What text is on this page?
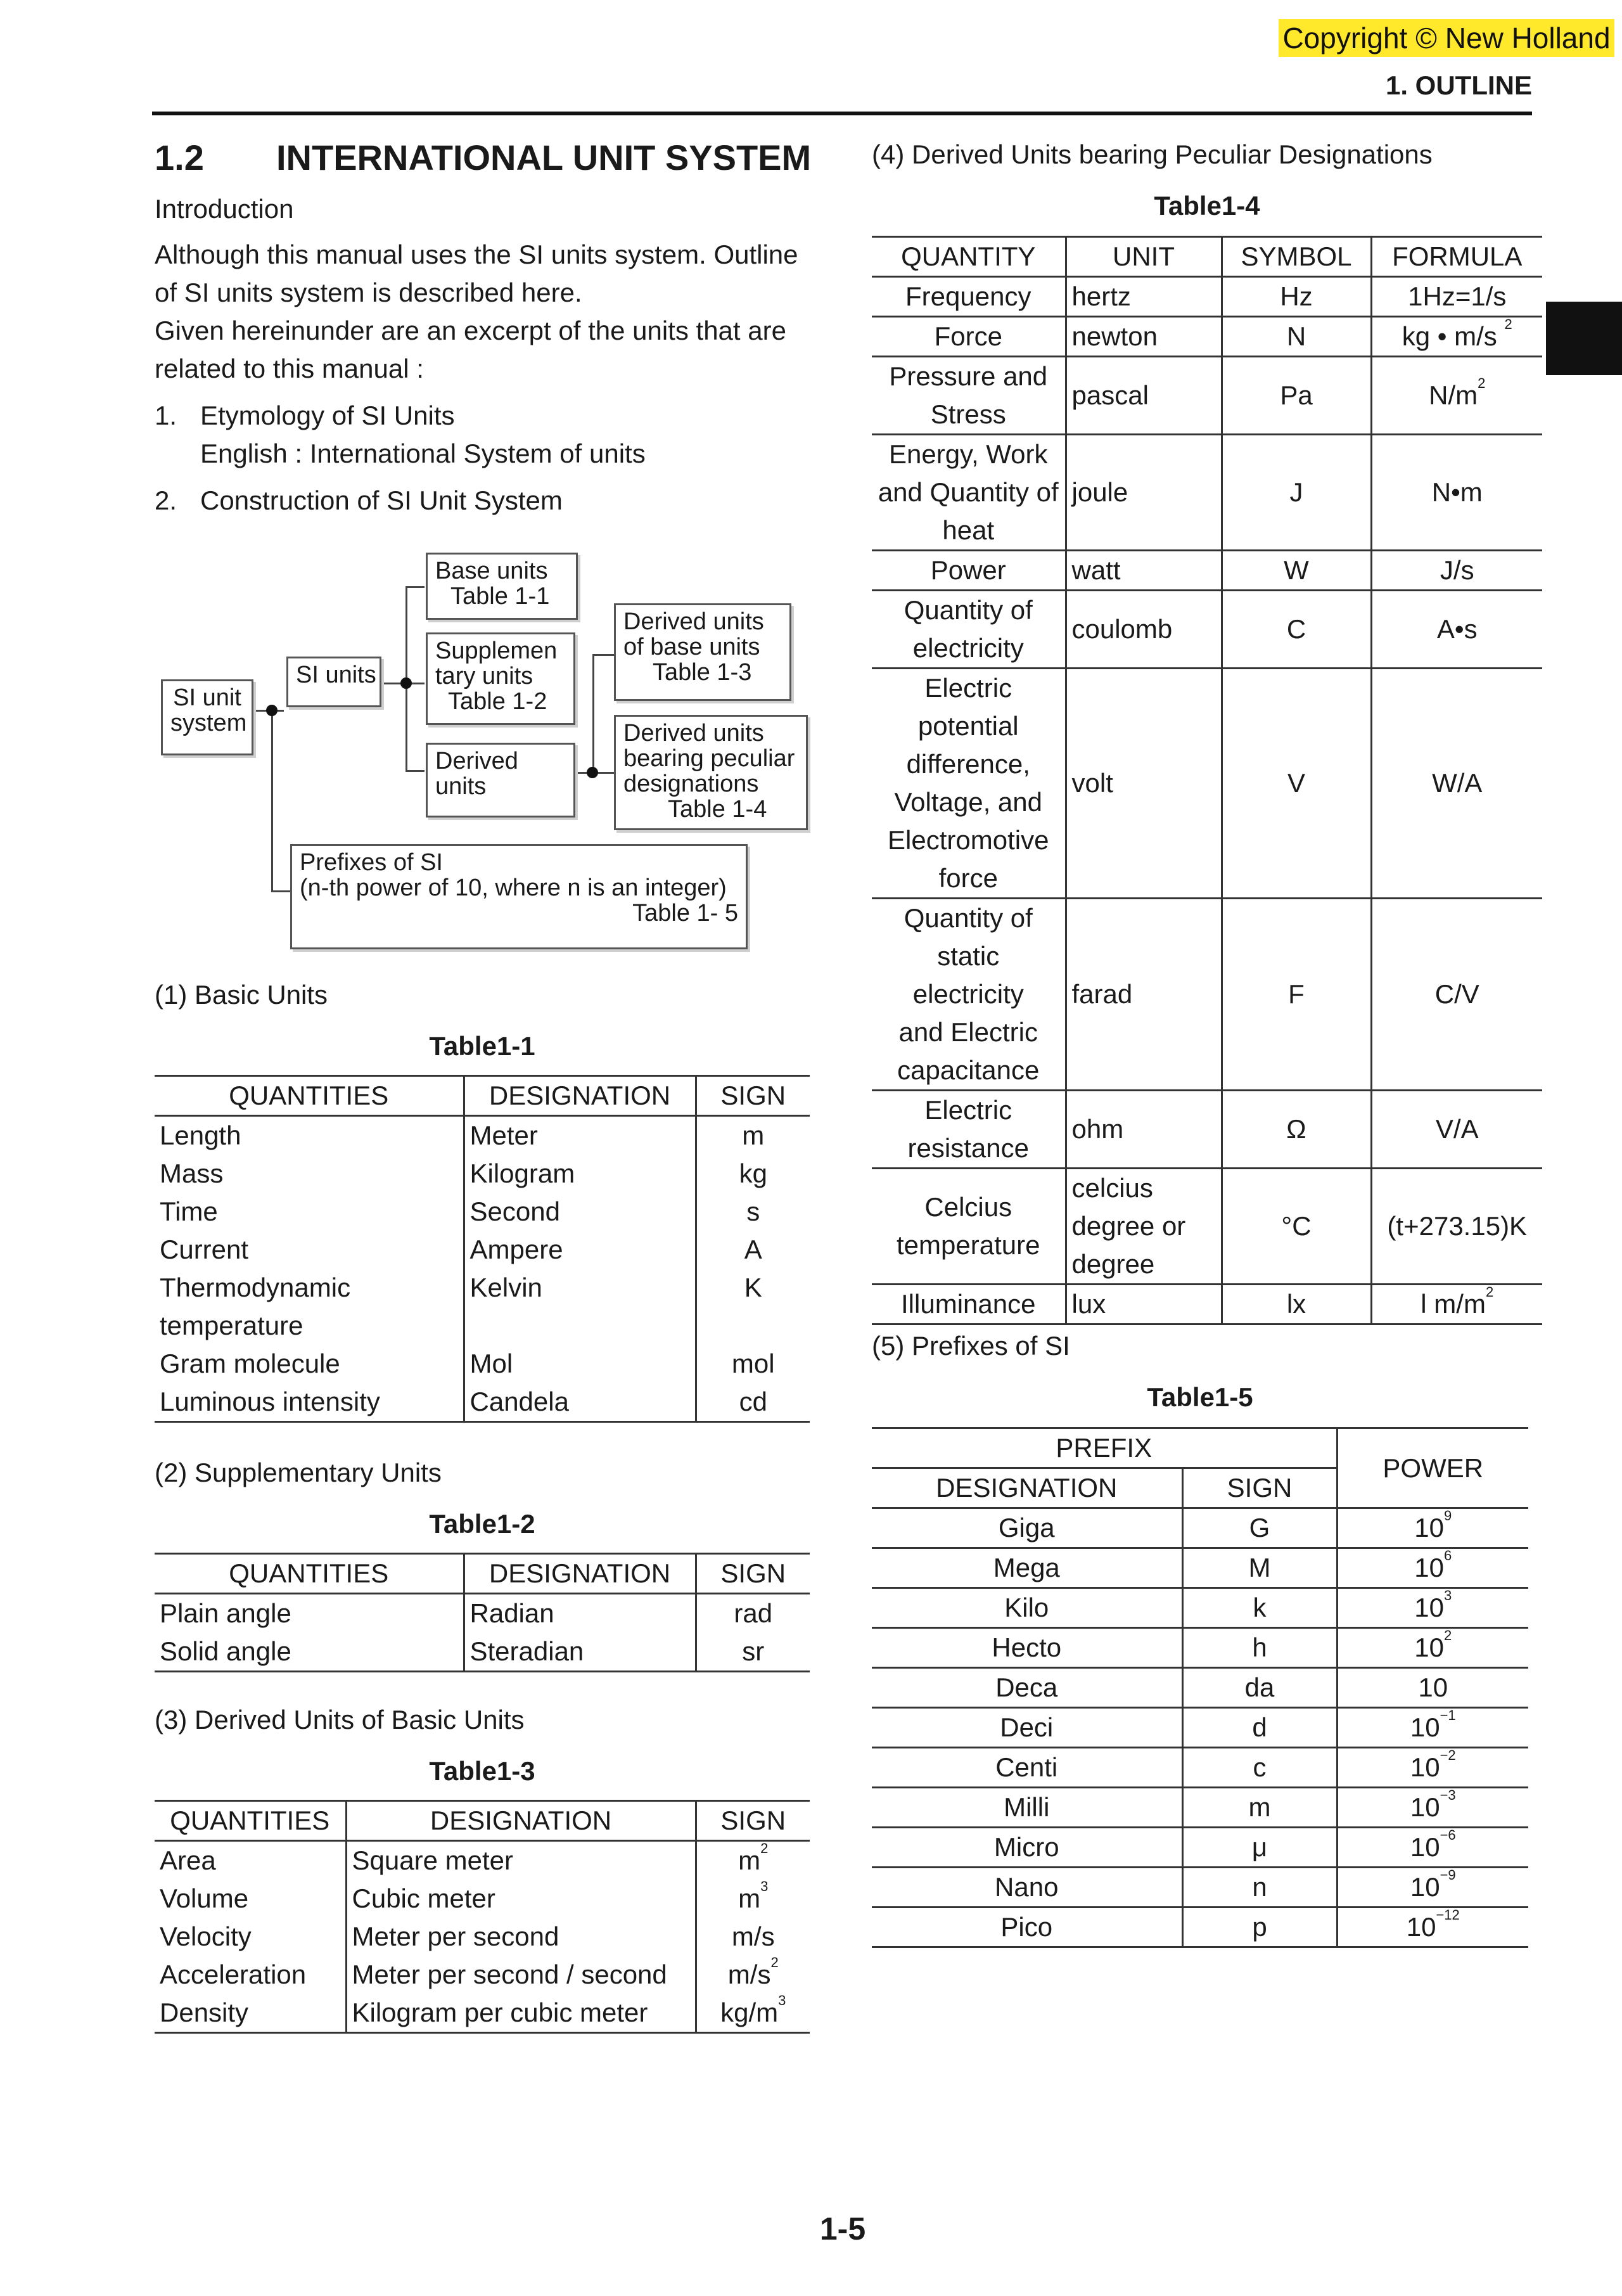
Copyright © New Holland
1. OUTLINE
1.2 INTERNATIONAL UNIT SYSTEM
Introduction
Although this manual uses the SI units system. Outline
of SI units system is described here.
Given hereinunder are an excerpt of the units that are
related to this manual :
1. Etymology of SI Units
English : International System of units
2. Construction of SI Unit System
SI unit
system
SI units
Base units
Table 1-1
Supplemen
tary units
Table 1-2
Derived
units
Derived units
of base units
Table 1-3
Derived units
bearing peculiar
designations
Table 1-4
Prefixes of SI
(n-th power of 10, where n is an integer)
Table 1- 5
(1) Basic Units
Table1-1
QUANTITIES	DESIGNATION	SIGN
Length	Meter	m
Mass	Kilogram	kg
Time	Second	s
Current	Ampere	A
Thermodynamic	Kelvin	K
temperature		
Gram molecule	Mol	mol
Luminous intensity	Candela	cd
(2) Supplementary Units
Table1-2
QUANTITIES	DESIGNATION	SIGN
Plain angle	Radian	rad
Solid angle	Steradian	sr
(3) Derived Units of Basic Units
Table1-3
QUANTITIES	DESIGNATION	SIGN
Area	Square meter	$m^2$
Volume	Cubic meter	$m^3$
Velocity	Meter per second	m/s
Acceleration	Meter per second / second	$m/s^2$
Density	Kilogram per cubic meter	$kg/m^3$
(4) Derived Units bearing Peculiar Designations
Table1-4
QUANTITY	UNIT	SYMBOL	FORMULA
Frequency	hertz	Hz	1Hz=1/s
Force	newton	N	kg • m/s $^2$
Pressure and Stress	pascal	Pa	$N/m^2$
Energy, Work and Quantity of heat	joule	J	N•m
Power	watt	W	J/s
Quantity of electricity	coulomb	C	A•s
Electric potential difference, Voltage, and Electromotive force	volt	V	W/A
Quantity of static electricity and Electric capacitance	farad	F	C/V
Electric resistance	ohm	Ω	V/A
Celcius temperature	celcius degree or degree	°C	(t+273.15)K
Illuminance	lux	lx	l $m/m^2$
(5) Prefixes of SI
Table1-5
PREFIX		POWER
DESIGNATION	SIGN	
Giga	G	$10^9$
Mega	M	$10^6$
Kilo	k	$10^3$
Hecto	h	$10^2$
Deca	da	10
Deci	d	$10^{-1}$
Centi	c	$10^{-2}$
Milli	m	$10^{-3}$
Micro	μ	$10^{-6}$
Nano	n	$10^{-9}$
Pico	p	$10^{-12}$
1-5
